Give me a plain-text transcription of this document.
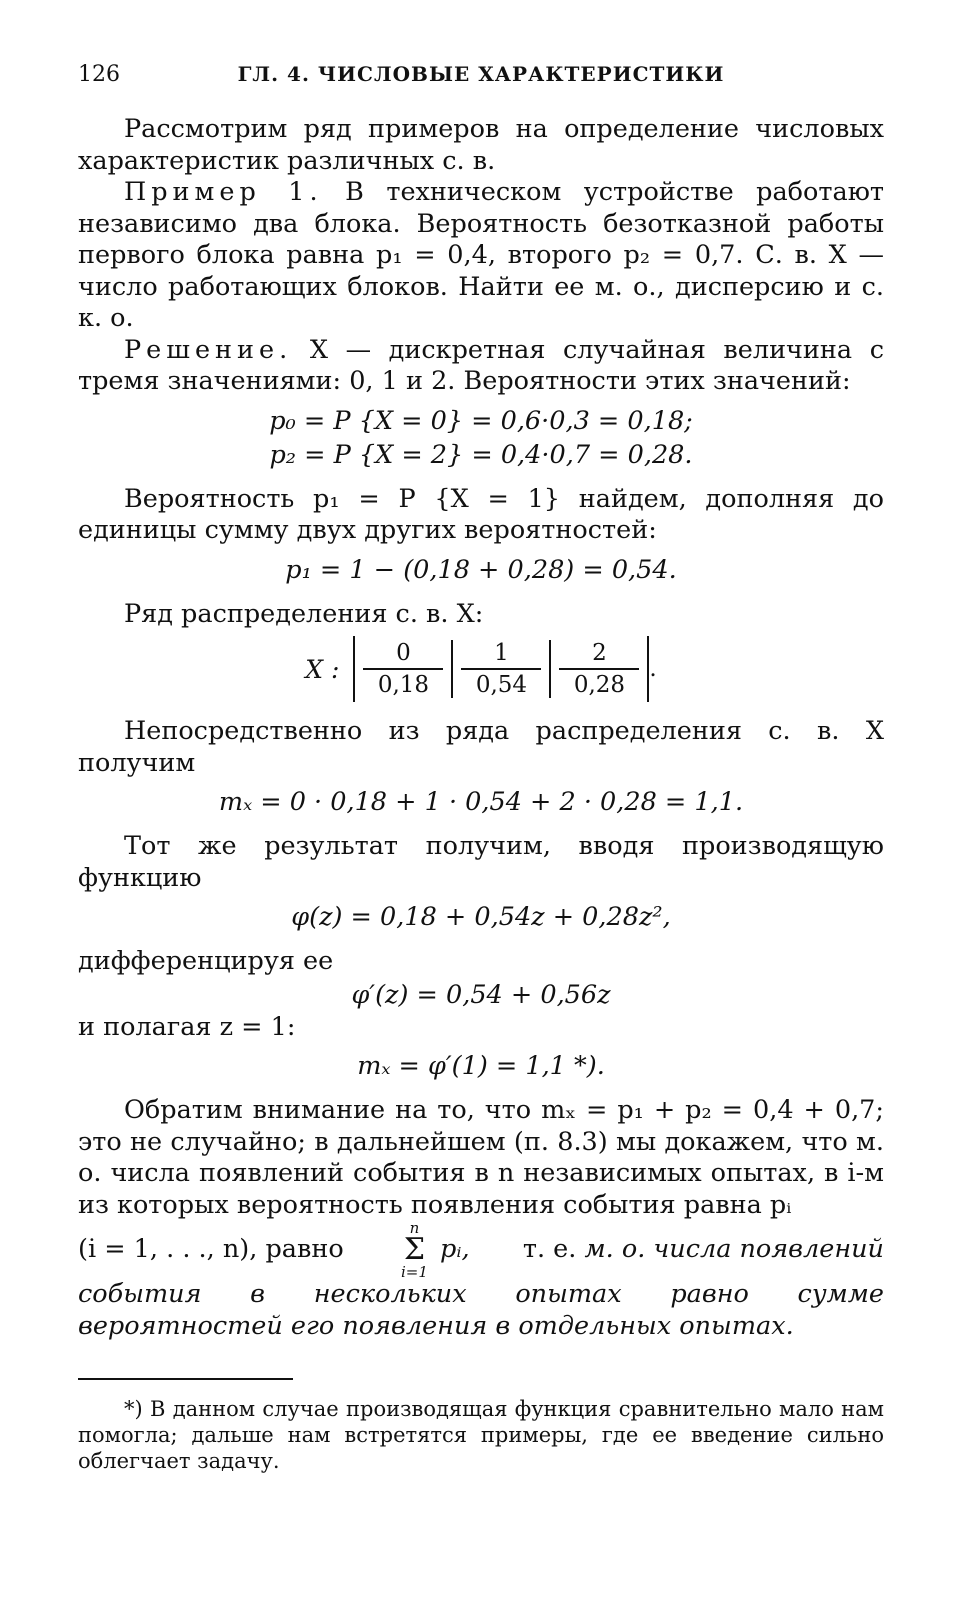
126	ГЛ. 4. ЧИСЛОВЫЕ ХАРАКТЕРИСТИКИ

Рассмотрим ряд примеров на определение числовых характеристик различных с. в.

Пример 1. В техническом устройстве работают независимо два блока. Вероятность безотказной работы первого блока равна p₁ = 0,4, второго p₂ = 0,7. С. в. X — число работающих блоков. Найти ее м. о., дисперсию и с. к. о.

Решение. X — дискретная случайная величина с тремя значениями: 0, 1 и 2. Вероятности этих значений:

p₀ = P {X = 0} = 0,6·0,3 = 0,18;
p₂ = P {X = 2} = 0,4·0,7 = 0,28.

Вероятность p₁ = P {X = 1} найдем, дополняя до единицы сумму двух других вероятностей:

p₁ = 1 − (0,18 + 0,28) = 0,54.

Ряд распределения с. в. X:

X :
0
0,18
1
0,54
2
0,28
.

Непосредственно из ряда распределения с. в. X получим

mₓ = 0 · 0,18 + 1 · 0,54 + 2 · 0,28 = 1,1.

Тот же результат получим, вводя производящую функцию

φ(z) = 0,18 + 0,54z + 0,28z²,

дифференцируя ее

φ′(z) = 0,54 + 0,56z

и полагая z = 1:

mₓ = φ′(1) = 1,1 *).

Обратим внимание на то, что mₓ = p₁ + p₂ = 0,4 + 0,7; это не случайно; в дальнейшем (п. 8.3) мы докажем, что м. о. числа появлений события в n независимых опытах, в i-м из которых вероятность появления события равна pᵢ

(i = 1, . . ., n), равно
n
Σ
i=1
pᵢ, т. е. м. о. числа появлений

события в нескольких опытах равно сумме вероятностей его появления в отдельных опытах.

*) В данном случае производящая функция сравнительно мало нам помогла; дальше нам встретятся примеры, где ее введение сильно облегчает задачу.
